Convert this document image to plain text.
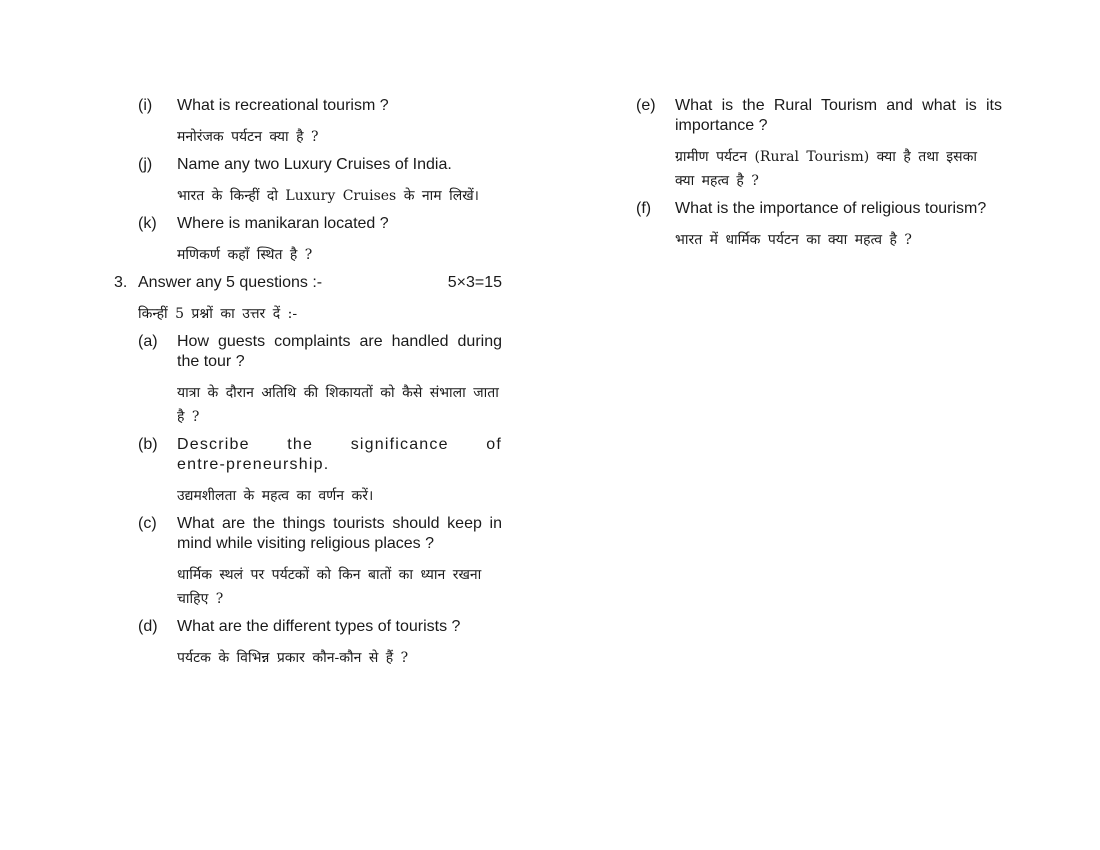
(i) What is recreational tourism ?
मनोरंजक पर्यटन क्या है ?
(j) Name any two Luxury Cruises of India.
भारत के किन्हीं दो Luxury Cruises के नाम लिखें।
(k) Where is manikaran located ?
मणिकर्ण कहाँ स्थित है ?
3. Answer any 5 questions :-	5×3=15
किन्हीं 5 प्रश्नों का उत्तर दें :-
(a) How guests complaints are handled during the tour ?
यात्रा के दौरान अतिथि की शिकायतों को कैसे संभाला जाता है ?
(b) Describe the significance of entre-preneurship.
उद्यमशीलता के महत्व का वर्णन करें।
(c) What are the things tourists should keep in mind while visiting religious places ?
धार्मिक स्थलं पर पर्यटकों को किन बातों का ध्यान रखना चाहिए ?
(d) What are the different types of tourists ?
पर्यटक के विभिन्न प्रकार कौन-कौन से हैं ?
(e) What is the Rural Tourism and what is its importance ?
ग्रामीण पर्यटन (Rural Tourism) क्या है तथा इसका क्या महत्व है ?
(f) What is the importance of religious tourism?
भारत में धार्मिक पर्यटन का क्या महत्व है ?
